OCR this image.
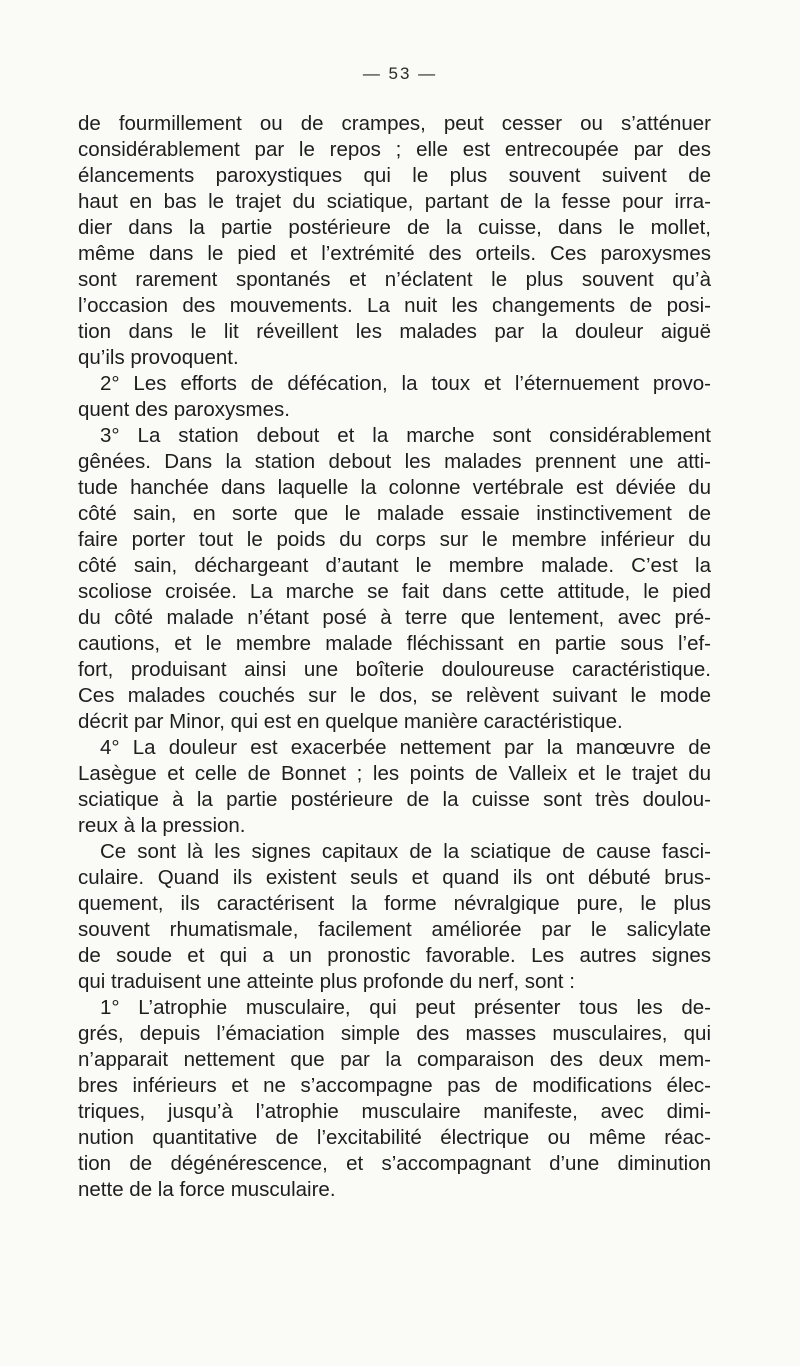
— 53 —
de fourmillement ou de crampes, peut cesser ou s’atténuer
considérablement par le repos ; elle est entrecoupée par des
élancements paroxystiques qui le plus souvent suivent de
haut en bas le trajet du sciatique, partant de la fesse pour irra-
dier dans la partie postérieure de la cuisse, dans le mollet,
même dans le pied et l’extrémité des orteils. Ces paroxysmes
sont rarement spontanés et n’éclatent le plus souvent qu’à
l’occasion des mouvements. La nuit les changements de posi-
tion dans le lit réveillent les malades par la douleur aiguë
qu’ils provoquent.
2° Les efforts de défécation, la toux et l’éternuement provo-
quent des paroxysmes.
3° La station debout et la marche sont considérablement
gênées. Dans la station debout les malades prennent une atti-
tude hanchée dans laquelle la colonne vertébrale est déviée du
côté sain, en sorte que le malade essaie instinctivement de
faire porter tout le poids du corps sur le membre inférieur du
côté sain, déchargeant d’autant le membre malade. C’est la
scoliose croisée. La marche se fait dans cette attitude, le pied
du côté malade n’étant posé à terre que lentement, avec pré-
cautions, et le membre malade fléchissant en partie sous l’ef-
fort, produisant ainsi une boîterie douloureuse caractéristique.
Ces malades couchés sur le dos, se relèvent suivant le mode
décrit par Minor, qui est en quelque manière caractéristique.
4° La douleur est exacerbée nettement par la manœuvre de
Lasègue et celle de Bonnet ; les points de Valleix et le trajet du
sciatique à la partie postérieure de la cuisse sont très doulou-
reux à la pression.
Ce sont là les signes capitaux de la sciatique de cause fasci-
culaire. Quand ils existent seuls et quand ils ont débuté brus-
quement, ils caractérisent la forme névralgique pure, le plus
souvent rhumatismale, facilement améliorée par le salicylate
de soude et qui a un pronostic favorable. Les autres signes
qui traduisent une atteinte plus profonde du nerf, sont :
1° L’atrophie musculaire, qui peut présenter tous les de-
grés, depuis l’émaciation simple des masses musculaires, qui
n’apparait nettement que par la comparaison des deux mem-
bres inférieurs et ne s’accompagne pas de modifications élec-
triques, jusqu’à l’atrophie musculaire manifeste, avec dimi-
nution quantitative de l’excitabilité électrique ou même réac-
tion de dégénérescence, et s’accompagnant d’une diminution
nette de la force musculaire.
